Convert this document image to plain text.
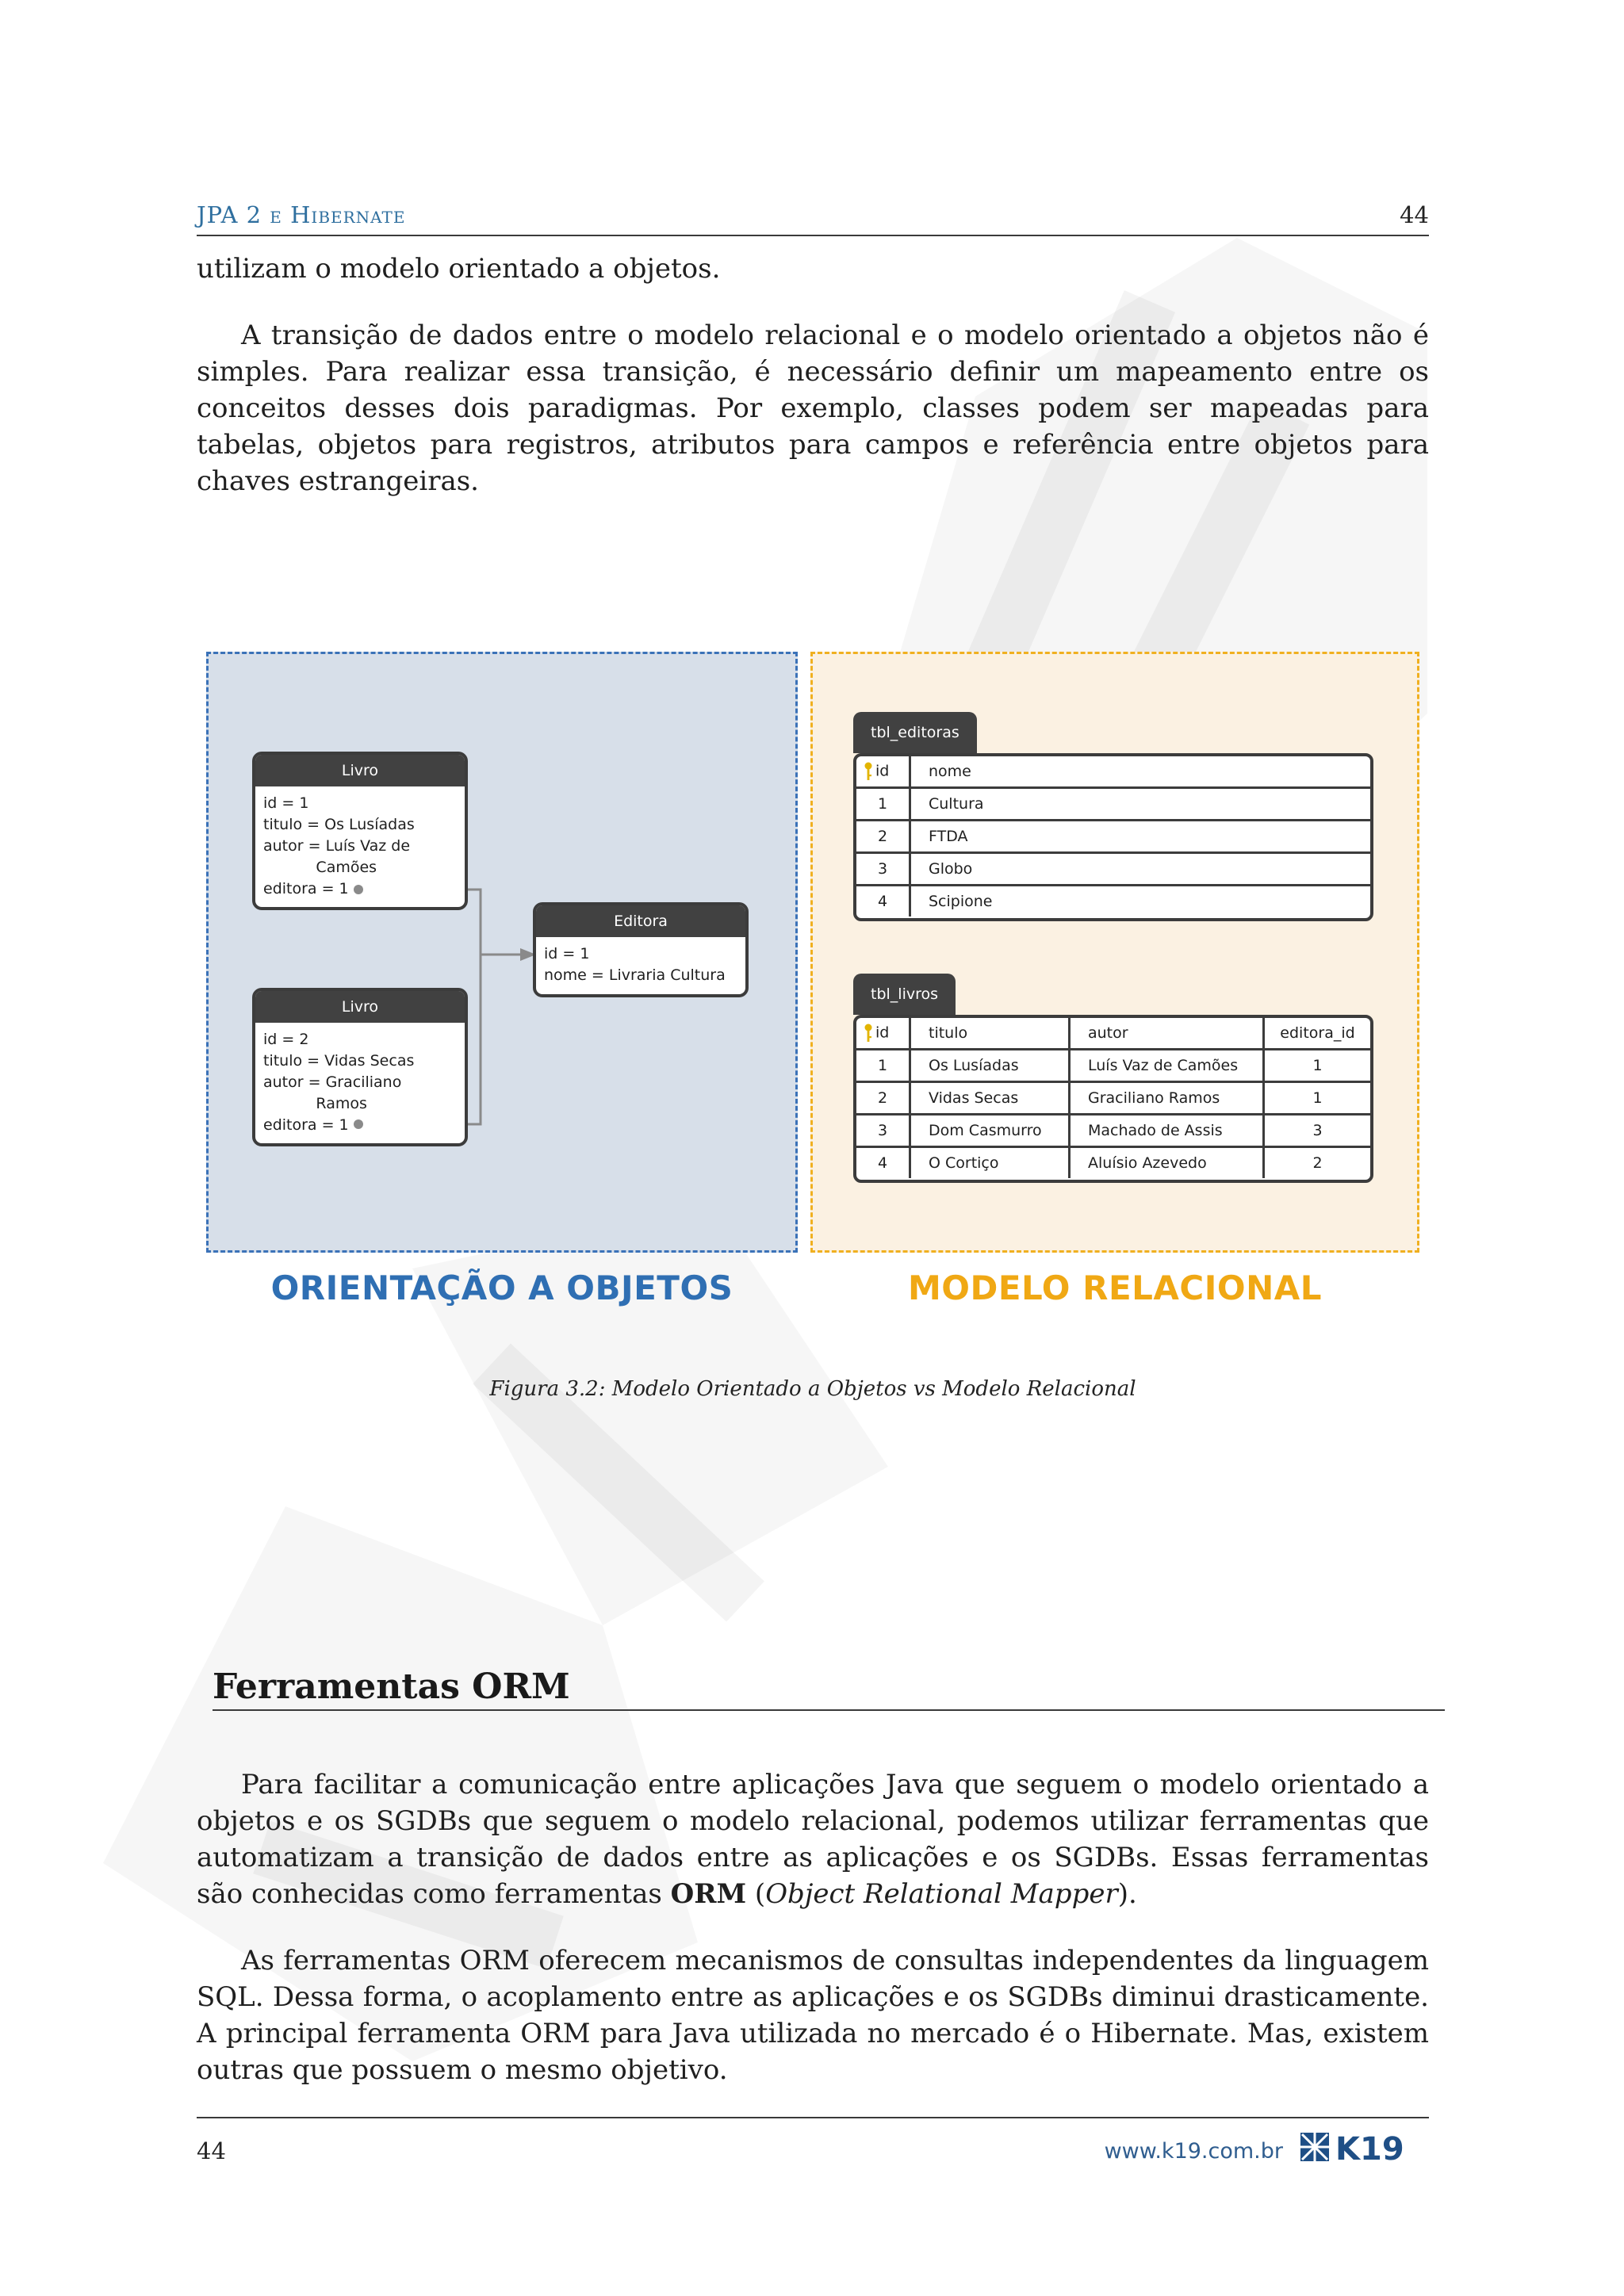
JPA 2 e Hibernate	44

utilizam o modelo orientado a objetos.

A transição de dados entre o modelo relacional e o modelo orientado a objetos não é simples. Para realizar essa transição, é necessário definir um mapeamento entre os conceitos desses dois paradigmas. Por exemplo, classes podem ser mapeadas para tabelas, objetos para registros, atributos para campos e referência entre objetos para chaves estrangeiras.

Livro
id = 1
titulo = Os Lusíadas
autor = Luís Vaz de
Camões
editora = 1
Livro
id = 2
titulo = Vidas Secas
autor = Graciliano
Ramos
editora = 1
Editora
id = 1
nome = Livraria Cultura
tbl_editoras
id	nome
1	Cultura
2	FTDA
3	Globo
4	Scipione
tbl_livros
id	titulo	autor	editora_id
1	Os Lusíadas	Luís Vaz de Camões	1
2	Vidas Secas	Graciliano Ramos	1
3	Dom Casmurro	Machado de Assis	3
4	O Cortiço	Aluísio Azevedo	2
ORIENTAÇÃO A OBJETOS	MODELO RELACIONAL
Figura 3.2: Modelo Orientado a Objetos vs Modelo Relacional
Ferramentas ORM

Para facilitar a comunicação entre aplicações Java que seguem o modelo orientado a objetos e os SGDBs que seguem o modelo relacional, podemos utilizar ferramentas que automatizam a transição de dados entre as aplicações e os SGDBs. Essas ferramentas são conhecidas como ferramentas ORM (Object Relational Mapper).

As ferramentas ORM oferecem mecanismos de consultas independentes da linguagem SQL. Dessa forma, o acoplamento entre as aplicações e os SGDBs diminui drasticamente. A principal ferramenta ORM para Java utilizada no mercado é o Hibernate. Mas, existem outras que possuem o mesmo objetivo.

44	www.k19.com.br K19
